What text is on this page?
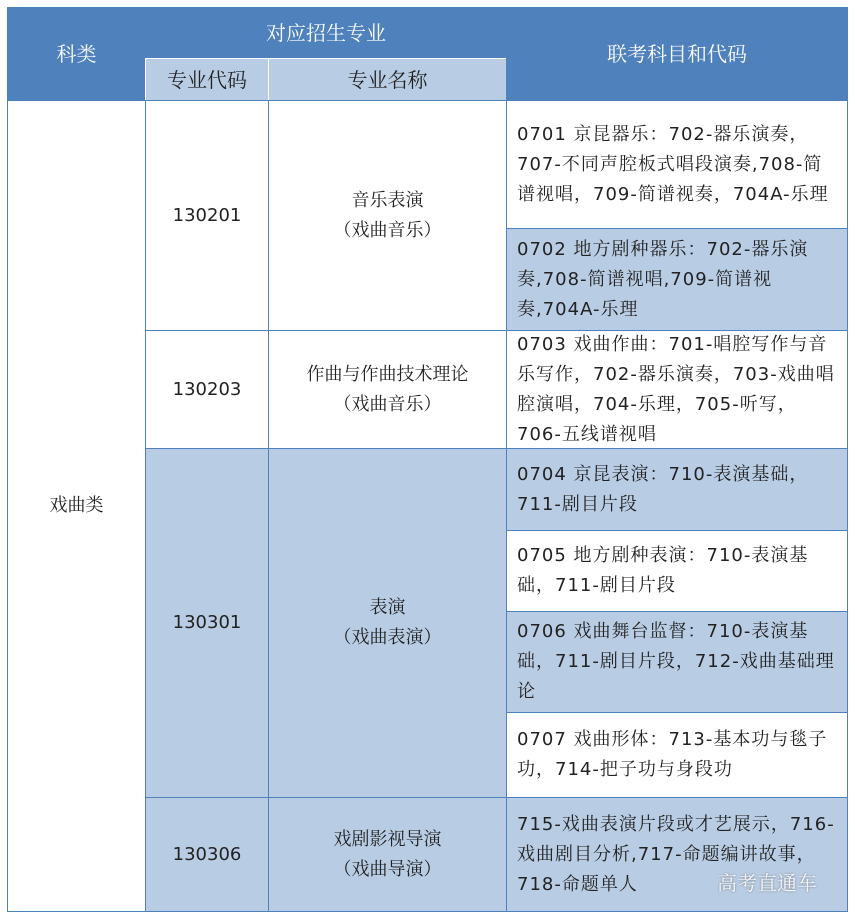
科类
对应招生专业
专业代码	专业名称
联考科目和代码
戏曲类
130201
音乐表演
（戏曲音乐）
130203
作曲与作曲技术理论
（戏曲音乐）
130301
表演
（戏曲表演）
130306
戏剧影视导演
（戏曲导演）
0701 京昆器乐：702-器乐演奏，707-不同声腔板式唱段演奏,708-简谱视唱，709-简谱视奏，704A-乐理
0702 地方剧种器乐：702-器乐演奏,708-简谱视唱,709-简谱视奏,704A-乐理
0703 戏曲作曲：701-唱腔写作与音乐写作，702-器乐演奏，703-戏曲唱腔演唱，704-乐理，705-听写，706-五线谱视唱
0704 京昆表演：710-表演基础，711-剧目片段
0705 地方剧种表演：710-表演基础，711-剧目片段
0706 戏曲舞台监督：710-表演基础，711-剧目片段，712-戏曲基础理论
0707 戏曲形体：713-基本功与毯子功，714-把子功与身段功
715-戏曲表演片段或才艺展示，716-戏曲剧目分析,717-命题编讲故事，718-命题单人	高考直通车
